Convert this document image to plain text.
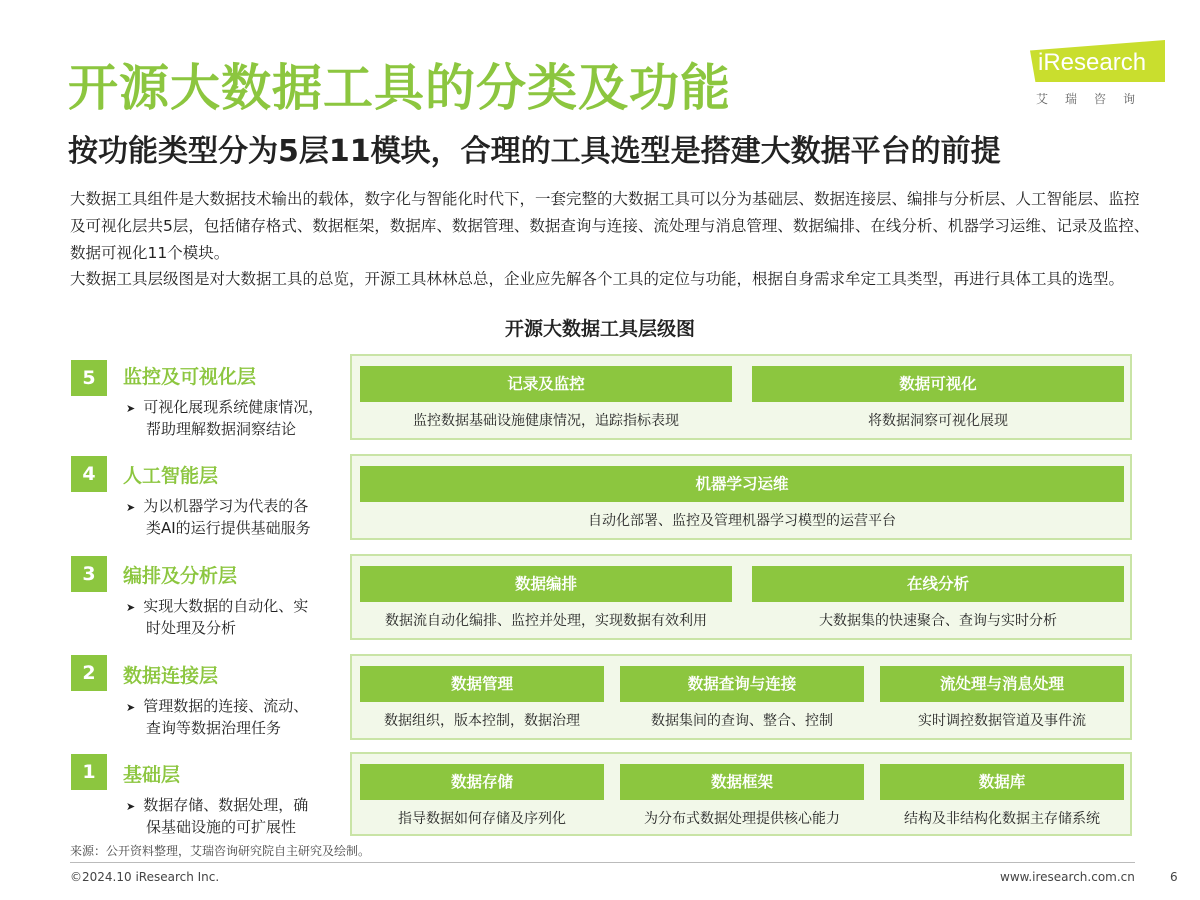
开源大数据工具的分类及功能
按功能类型分为5层11模块，合理的工具选型是搭建大数据平台的前提
iResearch
艾瑞咨询

大数据工具组件是大数据技术输出的载体，数字化与智能化时代下，一套完整的大数据工具可以分为基础层、数据连接层、编排与分析层、人工智能层、监控及可视化层共5层，包括储存格式、数据框架，数据库、数据管理、数据查询与连接、流处理与消息管理、数据编排、在线分析、机器学习运维、记录及监控、数据可视化11个模块。

大数据工具层级图是对大数据工具的总览，开源工具林林总总，企业应先解各个工具的定位与功能，根据自身需求牟定工具类型，再进行具体工具的选型。

开源大数据工具层级图
5	监控及可视化层
➤ 可视化展现系统健康情况，
帮助理解数据洞察结论
记录及监控
监控数据基础设施健康情况，追踪指标表现
数据可视化
将数据洞察可视化展现
4	人工智能层
➤ 为以机器学习为代表的各
类AI的运行提供基础服务
机器学习运维
自动化部署、监控及管理机器学习模型的运营平台
3	编排及分析层
➤ 实现大数据的自动化、实
时处理及分析
数据编排
数据流自动化编排、监控并处理，实现数据有效利用
在线分析
大数据集的快速聚合、查询与实时分析
2	数据连接层
➤ 管理数据的连接、流动、
查询等数据治理任务
数据管理
数据组织，版本控制，数据治理
数据查询与连接
数据集间的查询、整合、控制
流处理与消息处理
实时调控数据管道及事件流
1	基础层
➤ 数据存储、数据处理，确
保基础设施的可扩展性
数据存储
指导数据如何存储及序列化
数据框架
为分布式数据处理提供核心能力
数据库
结构及非结构化数据主存储系统
来源：公开资料整理，艾瑞咨询研究院自主研究及绘制。
©2024.10 iResearch Inc.	www.iresearch.com.cn	6
